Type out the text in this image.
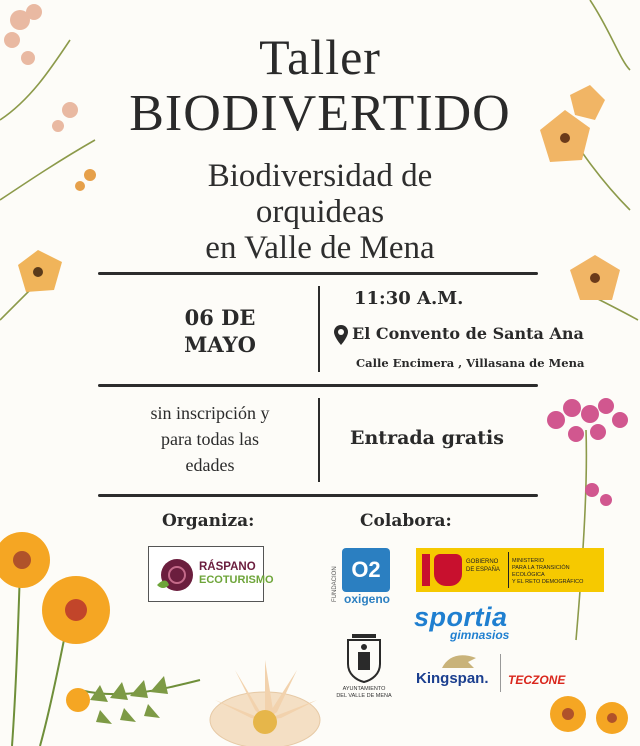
Taller
BIODIVERTIDO
Biodiversidad de
orquideas
en Valle de Mena
06 DE
MAYO
11:30 A.M.
El Convento de Santa Ana
Calle Encimera , Villasana de Mena
sin inscripción y
para todas las
edades
Entrada gratis
Organiza:	Colabora:
RÁSPANO
ECOTURISMO	FUNDACIÓN O2
oxigeno
GOBIERNO
DE ESPAÑA
MINISTERIO
PARA LA TRANSICIÓN ECOLÓGICA
Y EL RETO DEMOGRÁFICO
sportia
gimnasios
Kingspan. TECZONE
AYUNTAMIENTO
DEL VALLE DE MENA
